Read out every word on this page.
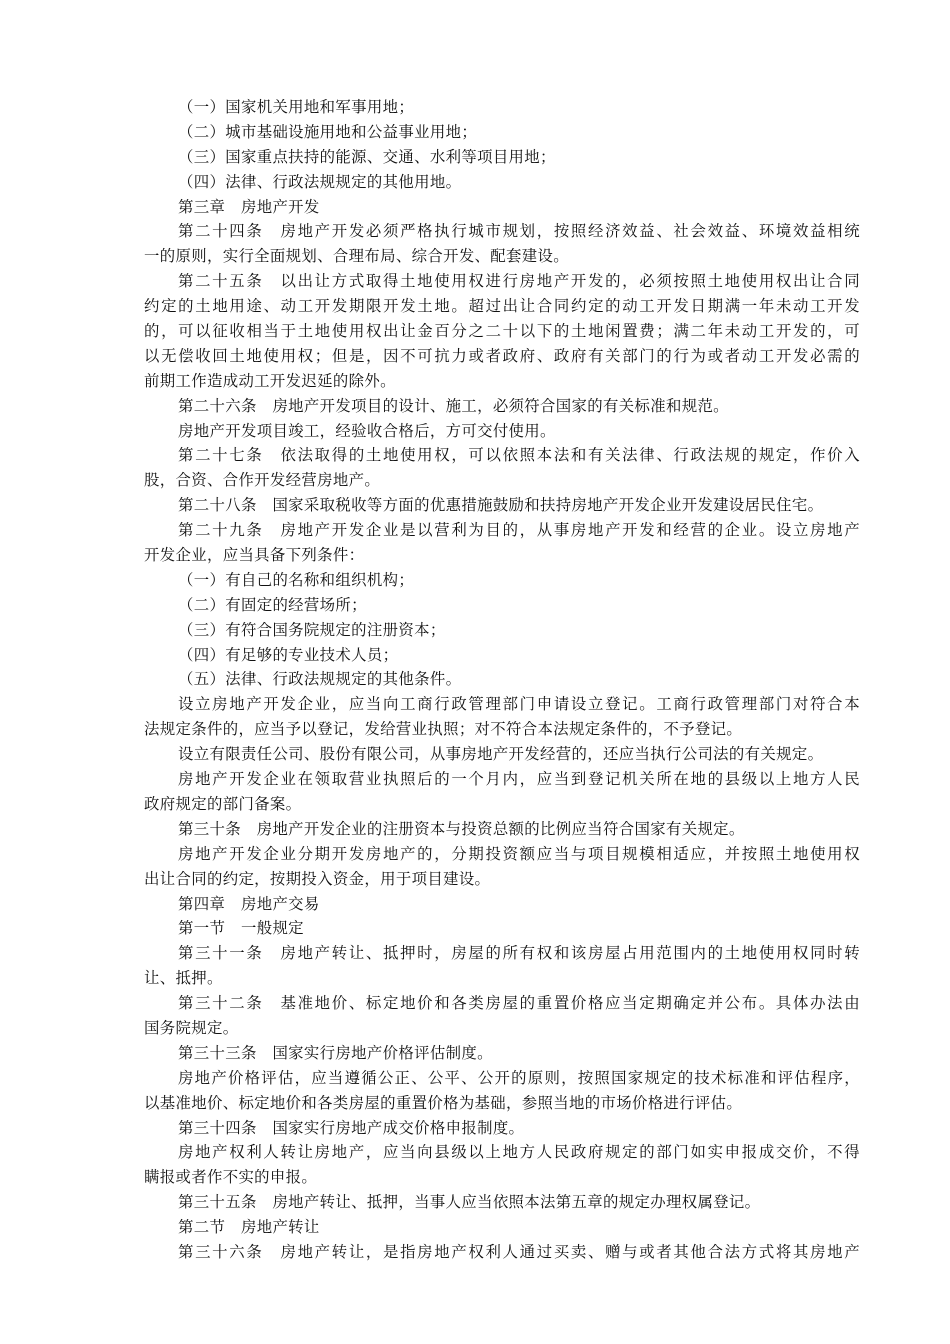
（一）国家机关用地和军事用地；
（二）城市基础设施用地和公益事业用地；
（三）国家重点扶持的能源、交通、水利等项目用地；
（四）法律、行政法规规定的其他用地。
第三章　房地产开发
第二十四条　房地产开发必须严格执行城市规划，按照经济效益、社会效益、环境效益相统
一的原则，实行全面规划、合理布局、综合开发、配套建设。
第二十五条　以出让方式取得土地使用权进行房地产开发的，必须按照土地使用权出让合同
约定的土地用途、动工开发期限开发土地。超过出让合同约定的动工开发日期满一年未动工开发
的，可以征收相当于土地使用权出让金百分之二十以下的土地闲置费；满二年未动工开发的，可
以无偿收回土地使用权；但是，因不可抗力或者政府、政府有关部门的行为或者动工开发必需的
前期工作造成动工开发迟延的除外。
第二十六条　房地产开发项目的设计、施工，必须符合国家的有关标准和规范。
房地产开发项目竣工，经验收合格后，方可交付使用。
第二十七条　依法取得的土地使用权，可以依照本法和有关法律、行政法规的规定，作价入
股，合资、合作开发经营房地产。
第二十八条　国家采取税收等方面的优惠措施鼓励和扶持房地产开发企业开发建设居民住宅。
第二十九条　房地产开发企业是以营利为目的，从事房地产开发和经营的企业。设立房地产
开发企业，应当具备下列条件：
（一）有自己的名称和组织机构；
（二）有固定的经营场所；
（三）有符合国务院规定的注册资本；
（四）有足够的专业技术人员；
（五）法律、行政法规规定的其他条件。
设立房地产开发企业，应当向工商行政管理部门申请设立登记。工商行政管理部门对符合本
法规定条件的，应当予以登记，发给营业执照；对不符合本法规定条件的，不予登记。
设立有限责任公司、股份有限公司，从事房地产开发经营的，还应当执行公司法的有关规定。
房地产开发企业在领取营业执照后的一个月内，应当到登记机关所在地的县级以上地方人民
政府规定的部门备案。
第三十条　房地产开发企业的注册资本与投资总额的比例应当符合国家有关规定。
房地产开发企业分期开发房地产的，分期投资额应当与项目规模相适应，并按照土地使用权
出让合同的约定，按期投入资金，用于项目建设。
第四章　房地产交易
第一节　一般规定
第三十一条　房地产转让、抵押时，房屋的所有权和该房屋占用范围内的土地使用权同时转
让、抵押。
第三十二条　基准地价、标定地价和各类房屋的重置价格应当定期确定并公布。具体办法由
国务院规定。
第三十三条　国家实行房地产价格评估制度。
房地产价格评估，应当遵循公正、公平、公开的原则，按照国家规定的技术标准和评估程序，
以基准地价、标定地价和各类房屋的重置价格为基础，参照当地的市场价格进行评估。
第三十四条　国家实行房地产成交价格申报制度。
房地产权利人转让房地产，应当向县级以上地方人民政府规定的部门如实申报成交价，不得
瞒报或者作不实的申报。
第三十五条　房地产转让、抵押，当事人应当依照本法第五章的规定办理权属登记。
第二节　房地产转让
第三十六条　房地产转让，是指房地产权利人通过买卖、赠与或者其他合法方式将其房地产
